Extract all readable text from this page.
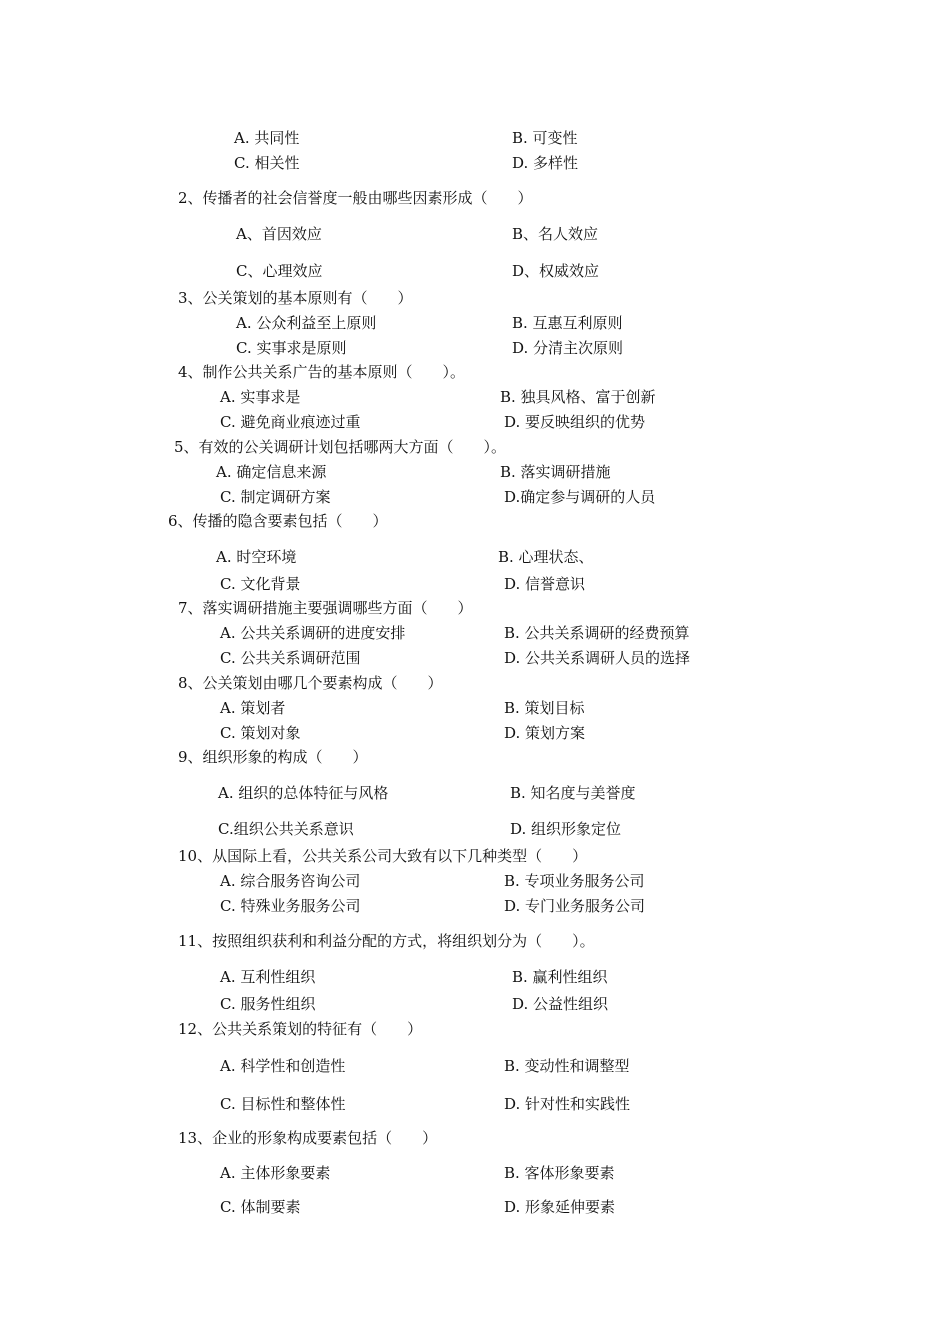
A. 共同性	B. 可变性
C. 相关性	D. 多样性
2、传播者的社会信誉度一般由哪些因素形成（　　）
A、首因效应	B、名人效应
C、心理效应	D、权威效应
3、公关策划的基本原则有（　　）
A. 公众利益至上原则	B. 互惠互利原则
C. 实事求是原则	D. 分清主次原则
4、制作公共关系广告的基本原则（　　）。
A. 实事求是	B. 独具风格、富于创新
C. 避免商业痕迹过重	D. 要反映组织的优势
5、有效的公关调研计划包括哪两大方面（　　）。
A. 确定信息来源	B. 落实调研措施
C. 制定调研方案	D.确定参与调研的人员
6、传播的隐含要素包括（　　）
A. 时空环境	B. 心理状态、
C. 文化背景	D. 信誉意识
7、落实调研措施主要强调哪些方面（　　）
A. 公共关系调研的进度安排	B. 公共关系调研的经费预算
C. 公共关系调研范围	D. 公共关系调研人员的选择
8、公关策划由哪几个要素构成（　　）
A. 策划者	B. 策划目标
C. 策划对象	D. 策划方案
9、组织形象的构成（　　）
A. 组织的总体特征与风格	B. 知名度与美誉度
C.组织公共关系意识	D. 组织形象定位
10、从国际上看，公共关系公司大致有以下几种类型（　　）
A. 综合服务咨询公司	B. 专项业务服务公司
C. 特殊业务服务公司	D. 专门业务服务公司
11、按照组织获利和利益分配的方式，将组织划分为（　　）。
A. 互利性组织	B. 赢利性组织
C. 服务性组织	D. 公益性组织
12、公共关系策划的特征有（　　）
A. 科学性和创造性	B. 变动性和调整型
C. 目标性和整体性	D. 针对性和实践性
13、企业的形象构成要素包括（　　）
A. 主体形象要素	B. 客体形象要素
C. 体制要素	D. 形象延伸要素
